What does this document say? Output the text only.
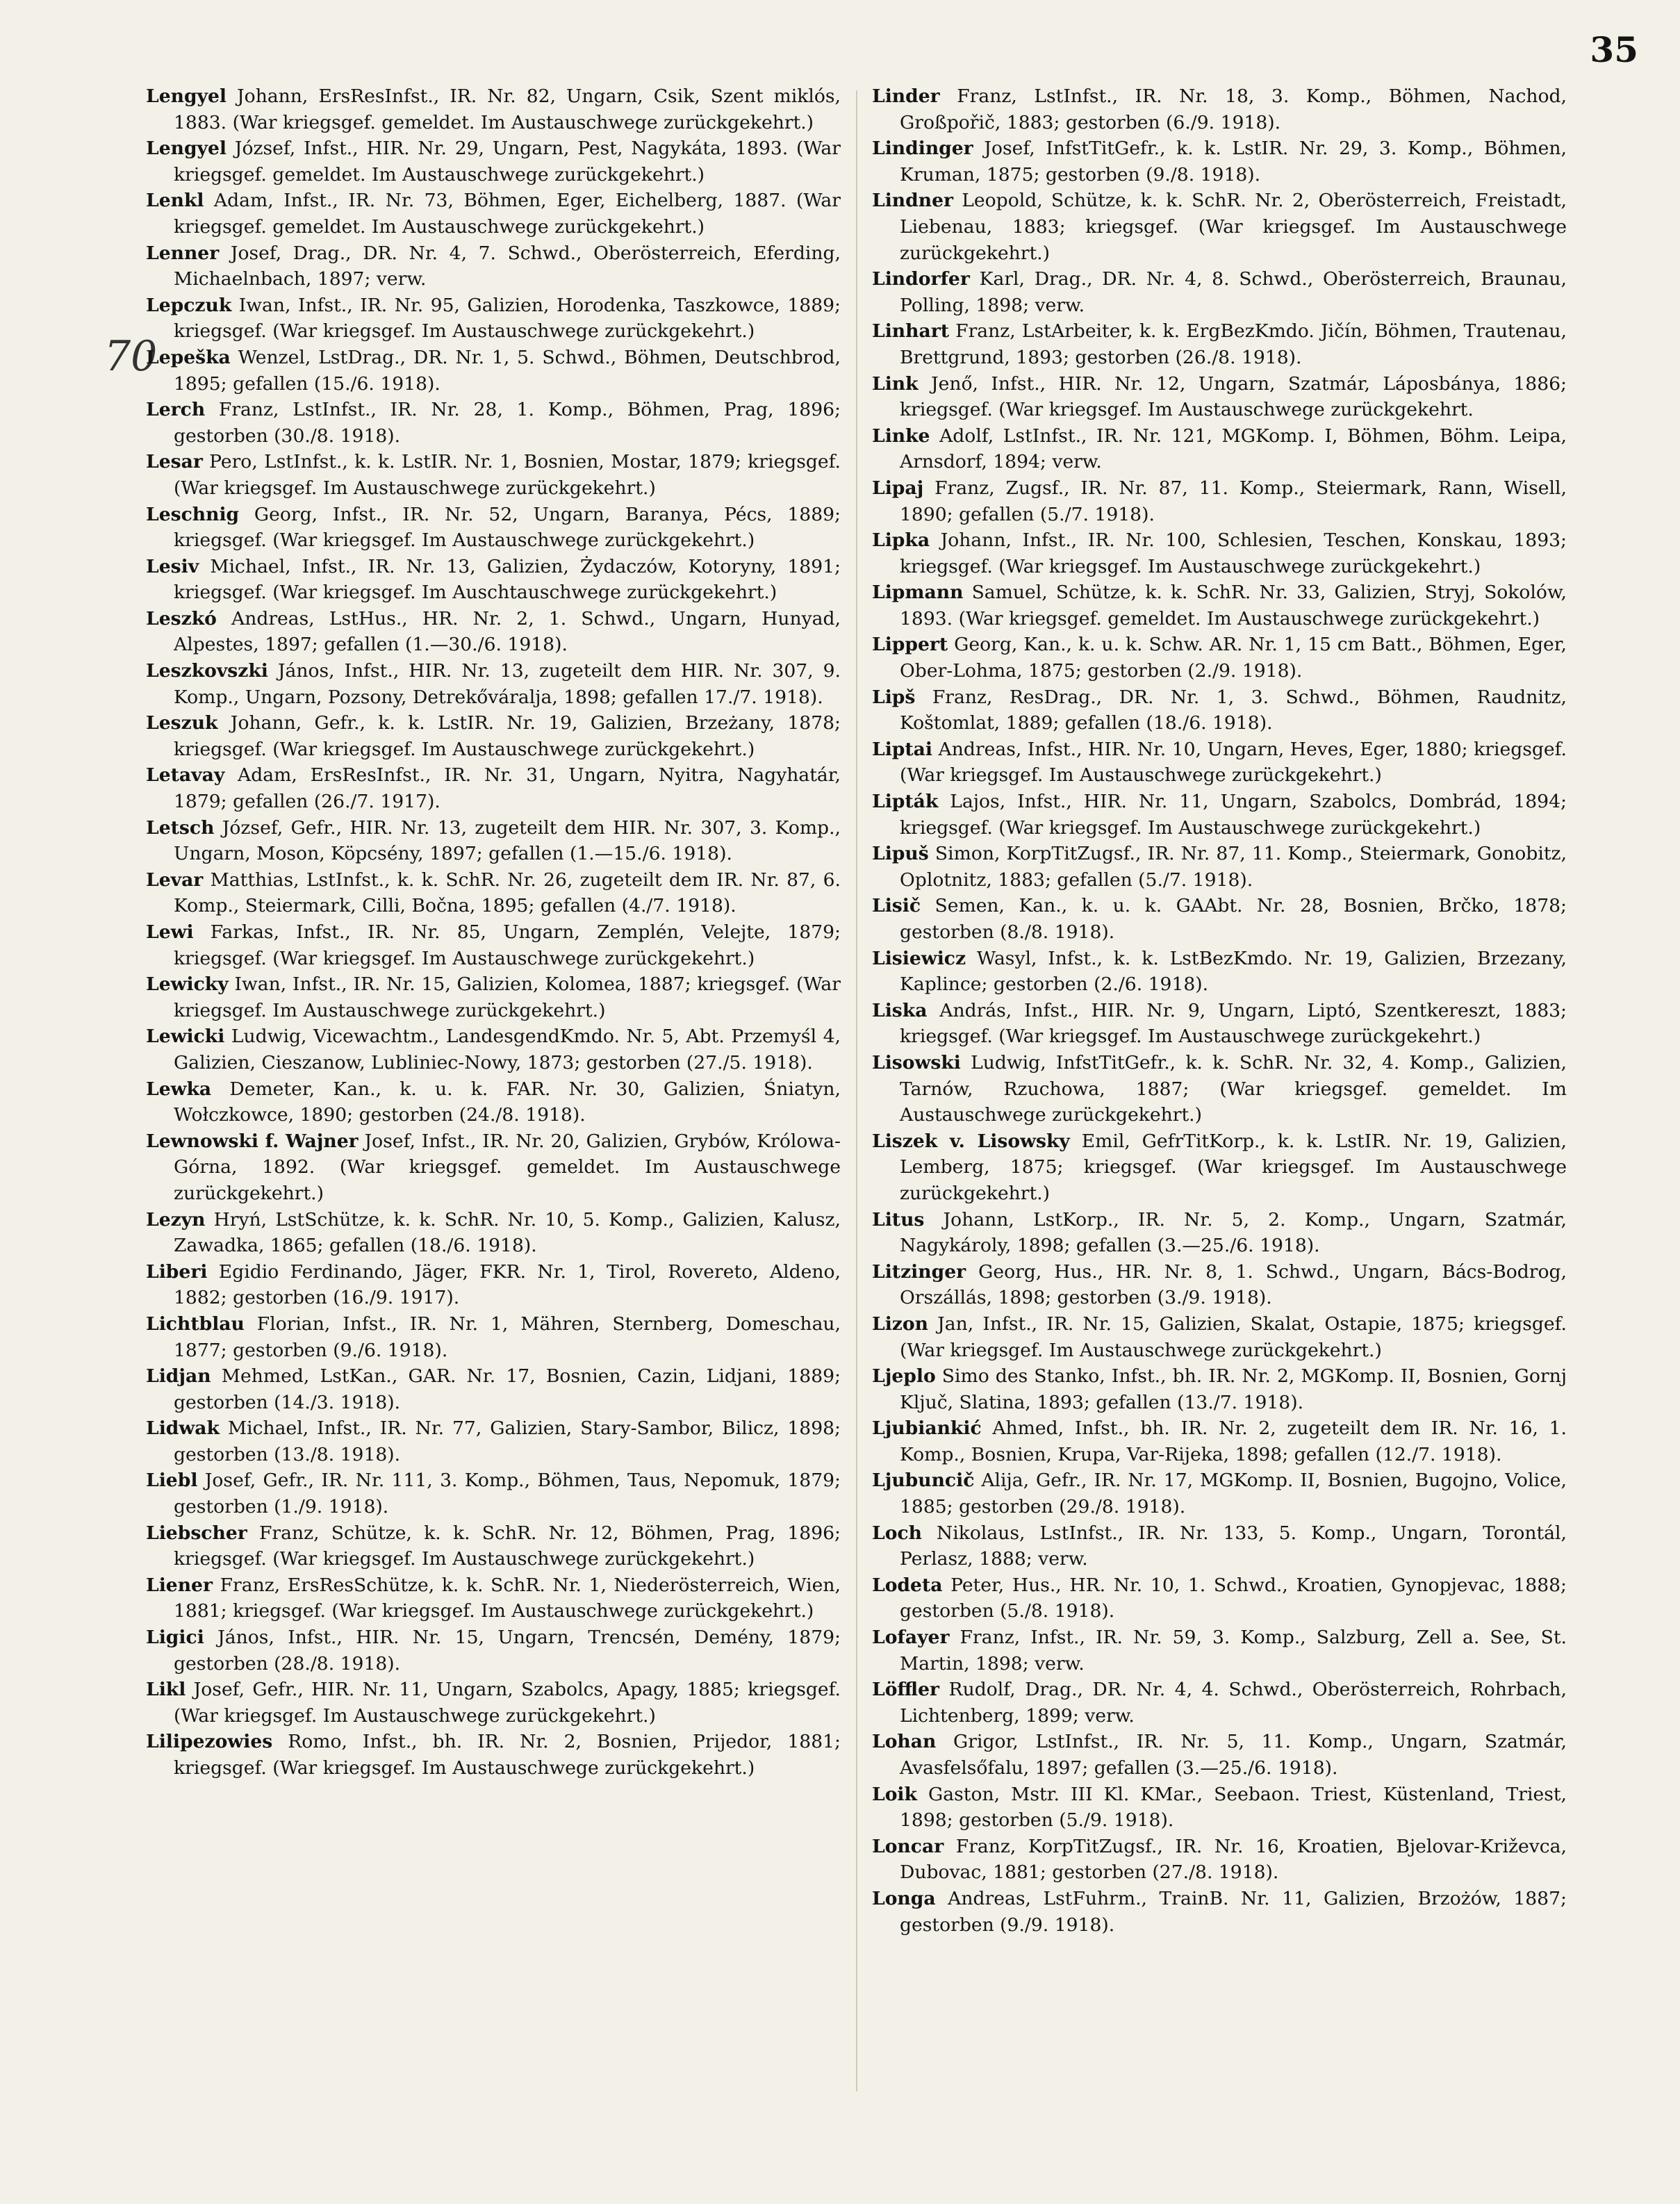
35
70

Lengyel Johann, ErsResInfst., IR. Nr. 82, Ungarn, Csik, Szent miklós, 1883. (War kriegsgef. gemeldet. Im Austauschwege zurückgekehrt.)

Lengyel József, Infst., HIR. Nr. 29, Ungarn, Pest, Nagykáta, 1893. (War kriegsgef. gemeldet. Im Austauschwege zurückgekehrt.)

Lenkl Adam, Infst., IR. Nr. 73, Böhmen, Eger, Eichelberg, 1887. (War kriegsgef. gemeldet. Im Austauschwege zurückgekehrt.)

Lenner Josef, Drag., DR. Nr. 4, 7. Schwd., Oberösterreich, Eferding, Michaelnbach, 1897; verw.

Lepczuk Iwan, Infst., IR. Nr. 95, Galizien, Horodenka, Taszkowce, 1889; kriegsgef. (War kriegsgef. Im Austauschwege zurückgekehrt.)

Lepeška Wenzel, LstDrag., DR. Nr. 1, 5. Schwd., Böhmen, Deutschbrod, 1895; gefallen (15./6. 1918).

Lerch Franz, LstInfst., IR. Nr. 28, 1. Komp., Böhmen, Prag, 1896; gestorben (30./8. 1918).

Lesar Pero, LstInfst., k. k. LstIR. Nr. 1, Bosnien, Mostar, 1879; kriegsgef. (War kriegsgef. Im Austauschwege zurückgekehrt.)

Leschnig Georg, Infst., IR. Nr. 52, Ungarn, Baranya, Pécs, 1889; kriegsgef. (War kriegsgef. Im Austauschwege zurückgekehrt.)

Lesiv Michael, Infst., IR. Nr. 13, Galizien, Żydaczów, Kotoryny, 1891; kriegsgef. (War kriegsgef. Im Auschtauschwege zurückgekehrt.)

Leszkó Andreas, LstHus., HR. Nr. 2, 1. Schwd., Ungarn, Hunyad, Alpestes, 1897; gefallen (1.—30./6. 1918).

Leszkovszki János, Infst., HIR. Nr. 13, zugeteilt dem HIR. Nr. 307, 9. Komp., Ungarn, Pozsony, Detrekőváralja, 1898; gefallen 17./7. 1918).

Leszuk Johann, Gefr., k. k. LstIR. Nr. 19, Galizien, Brzeżany, 1878; kriegsgef. (War kriegsgef. Im Austauschwege zurückgekehrt.)

Letavay Adam, ErsResInfst., IR. Nr. 31, Ungarn, Nyitra, Nagyhatár, 1879; gefallen (26./7. 1917).

Letsch József, Gefr., HIR. Nr. 13, zugeteilt dem HIR. Nr. 307, 3. Komp., Ungarn, Moson, Köpcsény, 1897; gefallen (1.—15./6. 1918).

Levar Matthias, LstInfst., k. k. SchR. Nr. 26, zugeteilt dem IR. Nr. 87, 6. Komp., Steiermark, Cilli, Bočna, 1895; gefallen (4./7. 1918).

Lewi Farkas, Infst., IR. Nr. 85, Ungarn, Zemplén, Velejte, 1879; kriegsgef. (War kriegsgef. Im Austauschwege zurückgekehrt.)

Lewicky Iwan, Infst., IR. Nr. 15, Galizien, Kolomea, 1887; kriegsgef. (War kriegsgef. Im Austauschwege zurückgekehrt.)

Lewicki Ludwig, Vicewachtm., LandesgendKmdo. Nr. 5, Abt. Przemyśl 4, Galizien, Cieszanow, Lubliniec-Nowy, 1873; gestorben (27./5. 1918).

Lewka Demeter, Kan., k. u. k. FAR. Nr. 30, Galizien, Śniatyn, Wołczkowce, 1890; gestorben (24./8. 1918).

Lewnowski f. Wajner Josef, Infst., IR. Nr. 20, Galizien, Grybów, Królowa-Górna, 1892. (War kriegsgef. gemeldet. Im Austauschwege zurückgekehrt.)

Lezyn Hryń, LstSchütze, k. k. SchR. Nr. 10, 5. Komp., Galizien, Kalusz, Zawadka, 1865; gefallen (18./6. 1918).

Liberi Egidio Ferdinando, Jäger, FKR. Nr. 1, Tirol, Rovereto, Aldeno, 1882; gestorben (16./9. 1917).

Lichtblau Florian, Infst., IR. Nr. 1, Mähren, Sternberg, Domeschau, 1877; gestorben (9./6. 1918).

Lidjan Mehmed, LstKan., GAR. Nr. 17, Bosnien, Cazin, Lidjani, 1889; gestorben (14./3. 1918).

Lidwak Michael, Infst., IR. Nr. 77, Galizien, Stary-Sambor, Bilicz, 1898; gestorben (13./8. 1918).

Liebl Josef, Gefr., IR. Nr. 111, 3. Komp., Böhmen, Taus, Nepomuk, 1879; gestorben (1./9. 1918).

Liebscher Franz, Schütze, k. k. SchR. Nr. 12, Böhmen, Prag, 1896; kriegsgef. (War kriegsgef. Im Austauschwege zurückgekehrt.)

Liener Franz, ErsResSchütze, k. k. SchR. Nr. 1, Niederösterreich, Wien, 1881; kriegsgef. (War kriegsgef. Im Austauschwege zurückgekehrt.)

Ligici János, Infst., HIR. Nr. 15, Ungarn, Trencsén, Demény, 1879; gestorben (28./8. 1918).

Likl Josef, Gefr., HIR. Nr. 11, Ungarn, Szabolcs, Apagy, 1885; kriegsgef. (War kriegsgef. Im Austauschwege zurückgekehrt.)

Lilipezowies Romo, Infst., bh. IR. Nr. 2, Bosnien, Prijedor, 1881; kriegsgef. (War kriegsgef. Im Austauschwege zurückgekehrt.)

Linder Franz, LstInfst., IR. Nr. 18, 3. Komp., Böhmen, Nachod, Großpořič, 1883; gestorben (6./9. 1918).

Lindinger Josef, InfstTitGefr., k. k. LstIR. Nr. 29, 3. Komp., Böhmen, Kruman, 1875; gestorben (9./8. 1918).

Lindner Leopold, Schütze, k. k. SchR. Nr. 2, Oberösterreich, Freistadt, Liebenau, 1883; kriegsgef. (War kriegsgef. Im Austauschwege zurückgekehrt.)

Lindorfer Karl, Drag., DR. Nr. 4, 8. Schwd., Oberösterreich, Braunau, Polling, 1898; verw.

Linhart Franz, LstArbeiter, k. k. ErgBezKmdo. Jičín, Böhmen, Trautenau, Brettgrund, 1893; gestorben (26./8. 1918).

Link Jenő, Infst., HIR. Nr. 12, Ungarn, Szatmár, Láposbánya, 1886; kriegsgef. (War kriegsgef. Im Austauschwege zurückgekehrt.

Linke Adolf, LstInfst., IR. Nr. 121, MGKomp. I, Böhmen, Böhm. Leipa, Arnsdorf, 1894; verw.

Lipaj Franz, Zugsf., IR. Nr. 87, 11. Komp., Steiermark, Rann, Wisell, 1890; gefallen (5./7. 1918).

Lipka Johann, Infst., IR. Nr. 100, Schlesien, Teschen, Konskau, 1893; kriegsgef. (War kriegsgef. Im Austauschwege zurückgekehrt.)

Lipmann Samuel, Schütze, k. k. SchR. Nr. 33, Galizien, Stryj, Sokolów, 1893. (War kriegsgef. gemeldet. Im Austauschwege zurückgekehrt.)

Lippert Georg, Kan., k. u. k. Schw. AR. Nr. 1, 15 cm Batt., Böhmen, Eger, Ober-Lohma, 1875; gestorben (2./9. 1918).

Lipš Franz, ResDrag., DR. Nr. 1, 3. Schwd., Böhmen, Raudnitz, Koštomlat, 1889; gefallen (18./6. 1918).

Liptai Andreas, Infst., HIR. Nr. 10, Ungarn, Heves, Eger, 1880; kriegsgef. (War kriegsgef. Im Austauschwege zurückgekehrt.)

Lipták Lajos, Infst., HIR. Nr. 11, Ungarn, Szabolcs, Dombrád, 1894; kriegsgef. (War kriegsgef. Im Austauschwege zurückgekehrt.)

Lipuš Simon, KorpTitZugsf., IR. Nr. 87, 11. Komp., Steiermark, Gonobitz, Oplotnitz, 1883; gefallen (5./7. 1918).

Lisič Semen, Kan., k. u. k. GAAbt. Nr. 28, Bosnien, Brčko, 1878; gestorben (8./8. 1918).

Lisiewicz Wasyl, Infst., k. k. LstBezKmdo. Nr. 19, Galizien, Brzezany, Kaplince; gestorben (2./6. 1918).

Liska András, Infst., HIR. Nr. 9, Ungarn, Liptó, Szentkereszt, 1883; kriegsgef. (War kriegsgef. Im Austauschwege zurückgekehrt.)

Lisowski Ludwig, InfstTitGefr., k. k. SchR. Nr. 32, 4. Komp., Galizien, Tarnów, Rzuchowa, 1887; (War kriegsgef. gemeldet. Im Austauschwege zurückgekehrt.)

Liszek v. Lisowsky Emil, GefrTitKorp., k. k. LstIR. Nr. 19, Galizien, Lemberg, 1875; kriegsgef. (War kriegsgef. Im Austauschwege zurückgekehrt.)

Litus Johann, LstKorp., IR. Nr. 5, 2. Komp., Ungarn, Szatmár, Nagykároly, 1898; gefallen (3.—25./6. 1918).

Litzinger Georg, Hus., HR. Nr. 8, 1. Schwd., Ungarn, Bács-Bodrog, Orszállás, 1898; gestorben (3./9. 1918).

Lizon Jan, Infst., IR. Nr. 15, Galizien, Skalat, Ostapie, 1875; kriegsgef. (War kriegsgef. Im Austauschwege zurückgekehrt.)

Ljeplo Simo des Stanko, Infst., bh. IR. Nr. 2, MGKomp. II, Bosnien, Gornj Ključ, Slatina, 1893; gefallen (13./7. 1918).

Ljubiankić Ahmed, Infst., bh. IR. Nr. 2, zugeteilt dem IR. Nr. 16, 1. Komp., Bosnien, Krupa, Var-Rijeka, 1898; gefallen (12./7. 1918).

Ljubuncič Alija, Gefr., IR. Nr. 17, MGKomp. II, Bosnien, Bugojno, Volice, 1885; gestorben (29./8. 1918).

Loch Nikolaus, LstInfst., IR. Nr. 133, 5. Komp., Ungarn, Torontál, Perlasz, 1888; verw.

Lodeta Peter, Hus., HR. Nr. 10, 1. Schwd., Kroatien, Gynopjevac, 1888; gestorben (5./8. 1918).

Lofayer Franz, Infst., IR. Nr. 59, 3. Komp., Salzburg, Zell a. See, St. Martin, 1898; verw.

Löffler Rudolf, Drag., DR. Nr. 4, 4. Schwd., Oberösterreich, Rohrbach, Lichtenberg, 1899; verw.

Lohan Grigor, LstInfst., IR. Nr. 5, 11. Komp., Ungarn, Szatmár, Avasfelsőfalu, 1897; gefallen (3.—25./6. 1918).

Loik Gaston, Mstr. III Kl. KMar., Seebaon. Triest, Küstenland, Triest, 1898; gestorben (5./9. 1918).

Loncar Franz, KorpTitZugsf., IR. Nr. 16, Kroatien, Bjelovar-Križevca, Dubovac, 1881; gestorben (27./8. 1918).

Longa Andreas, LstFuhrm., TrainB. Nr. 11, Galizien, Brzożów, 1887; gestorben (9./9. 1918).
